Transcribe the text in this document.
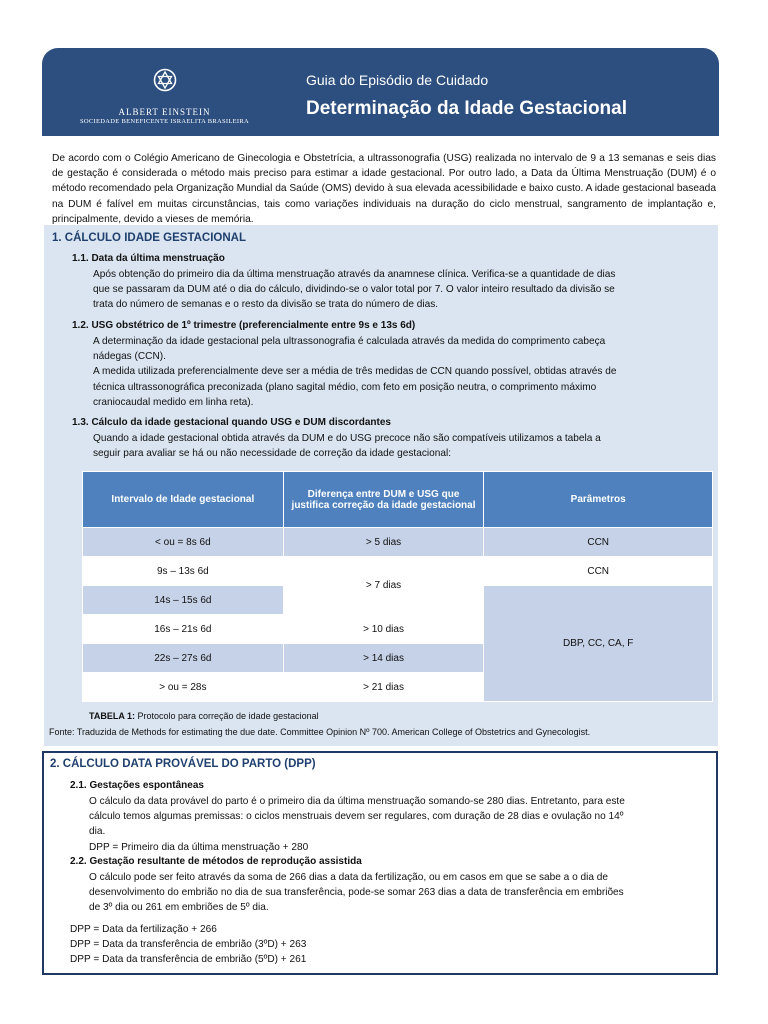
ALBERT EINSTEIN
SOCIEDADE BENEFICENTE ISRAELITA BRASILEIRA
Guia do Episódio de Cuidado
Determinação da Idade Gestacional
De acordo com o Colégio Americano de Ginecologia e Obstetrícia, a ultrassonografia (USG) realizada no intervalo de 9 a 13 semanas e seis dias de gestação é considerada o método mais preciso para estimar a idade gestacional. Por outro lado, a Data da Última Menstruação (DUM) é o método recomendado pela Organização Mundial da Saúde (OMS) devido à sua elevada acessibilidade e baixo custo. A idade gestacional baseada na DUM é falível em muitas circunstâncias, tais como variações individuais na duração do ciclo menstrual, sangramento de implantação e, principalmente, devido a vieses de memória.
1. CÁLCULO IDADE GESTACIONAL
1.1. Data da última menstruação
Após obtenção do primeiro dia da última menstruação através da anamnese clínica. Verifica-se a quantidade de dias
que se passaram da DUM até o dia do cálculo, dividindo-se o valor total por 7. O valor inteiro resultado da divisão se
trata do número de semanas e o resto da divisão se trata do número de dias.
1.2. USG obstétrico de 1º trimestre (preferencialmente entre 9s e 13s 6d)
A determinação da idade gestacional pela ultrassonografia é calculada através da medida do comprimento cabeça
nádegas (CCN).
A medida utilizada preferencialmente deve ser a média de três medidas de CCN quando possível, obtidas através de
técnica ultrassonográfica preconizada (plano sagital médio, com feto em posição neutra, o comprimento máximo
craniocaudal medido em linha reta).
1.3. Cálculo da idade gestacional quando USG e DUM discordantes
Quando a idade gestacional obtida através da DUM e do USG precoce não são compatíveis utilizamos a tabela a
seguir para avaliar se há ou não necessidade de correção da idade gestacional:
Intervalo de Idade gestacional	Diferença entre DUM e USG que justifica correção da idade gestacional	Parâmetros
< ou = 8s 6d	> 5 dias	CCN
9s – 13s 6d	> 7 dias	CCN
14s – 15s 6d		DBP, CC, CA, F
16s – 21s 6d	> 10 dias	
22s – 27s 6d	> 14 dias	
> ou = 28s	> 21 dias	
TABELA 1: Protocolo para correção de idade gestacional
Fonte: Traduzida de Methods for estimating the due date. Committee Opinion Nº 700. American College of Obstetrics and Gynecologist.
2. CÁLCULO DATA PROVÁVEL DO PARTO (DPP)
2.1. Gestações espontâneas
O cálculo da data provável do parto é o primeiro dia da última menstruação somando-se 280 dias. Entretanto, para este
cálculo temos algumas premissas: o ciclos menstruais devem ser regulares, com duração de 28 dias e ovulação no 14º
dia.
DPP = Primeiro dia da última menstruação + 280
2.2. Gestação resultante de métodos de reprodução assistida
O cálculo pode ser feito através da soma de 266 dias a data da fertilização, ou em casos em que se sabe a o dia de
desenvolvimento do embrião no dia de sua transferência, pode-se somar 263 dias a data de transferência em embriões
de 3º dia ou 261 em embriões de 5º dia.
DPP = Data da fertilização + 266
DPP = Data da transferência de embrião (3ºD) + 263
DPP = Data da transferência de embrião (5ºD) + 261
